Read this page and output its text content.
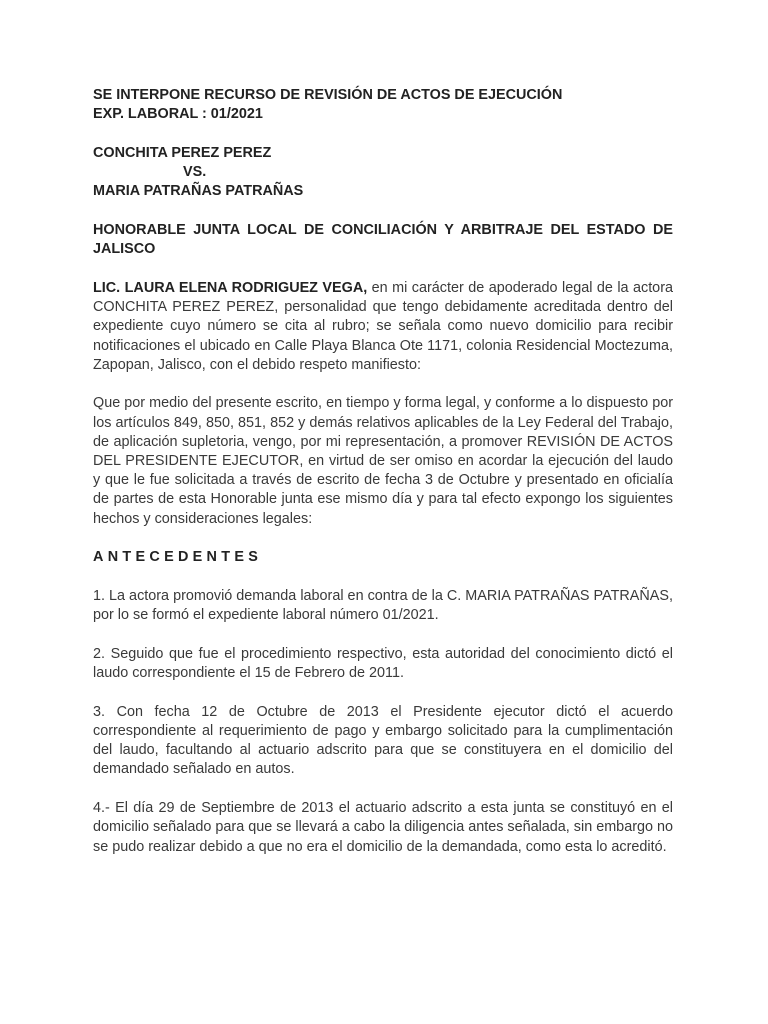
SE INTERPONE RECURSO DE REVISIÓN DE ACTOS DE EJECUCIÓN

EXP. LABORAL : 01/2021

CONCHITA PEREZ PEREZ

VS.

MARIA PATRAÑAS PATRAÑAS

HONORABLE JUNTA LOCAL DE CONCILIACIÓN Y ARBITRAJE DEL ESTADO DE JALISCO

LIC. LAURA ELENA RODRIGUEZ VEGA, en mi carácter de apoderado legal de la actora CONCHITA PEREZ PEREZ, personalidad que tengo debidamente acreditada dentro del expediente cuyo número se cita al rubro; se señala como nuevo domicilio para recibir notificaciones el ubicado en Calle Playa Blanca Ote 1171, colonia Residencial Moctezuma, Zapopan, Jalisco, con el debido respeto manifiesto:

Que por medio del presente escrito, en tiempo y forma legal, y conforme a lo dispuesto por los artículos 849, 850, 851, 852 y demás relativos aplicables de la Ley Federal del Trabajo, de aplicación supletoria, vengo, por mi representación, a promover REVISIÓN DE ACTOS DEL PRESIDENTE EJECUTOR, en virtud de ser omiso en acordar la ejecución del laudo y que le fue solicitada a través de escrito de fecha 3 de Octubre y presentado en oficialía de partes de esta Honorable junta ese mismo día y para tal efecto expongo los siguientes hechos y consideraciones legales:

ANTECEDENTES

1. La actora promovió demanda laboral en contra de la C. MARIA PATRAÑAS PATRAÑAS, por lo se formó el expediente laboral número 01/2021.

2. Seguido que fue el procedimiento respectivo, esta autoridad del conocimiento dictó el laudo correspondiente el 15 de Febrero de 2011.

3. Con fecha 12 de Octubre de 2013 el Presidente ejecutor dictó el acuerdo correspondiente al requerimiento de pago y embargo solicitado para la cumplimentación del laudo, facultando al actuario adscrito para que se constituyera en el domicilio del demandado señalado en autos.

4.- El día 29 de Septiembre de 2013 el actuario adscrito a esta junta se constituyó en el domicilio señalado para que se llevará a cabo la diligencia antes señalada, sin embargo no se pudo realizar debido a que no era el domicilio de la demandada, como esta lo acreditó.
